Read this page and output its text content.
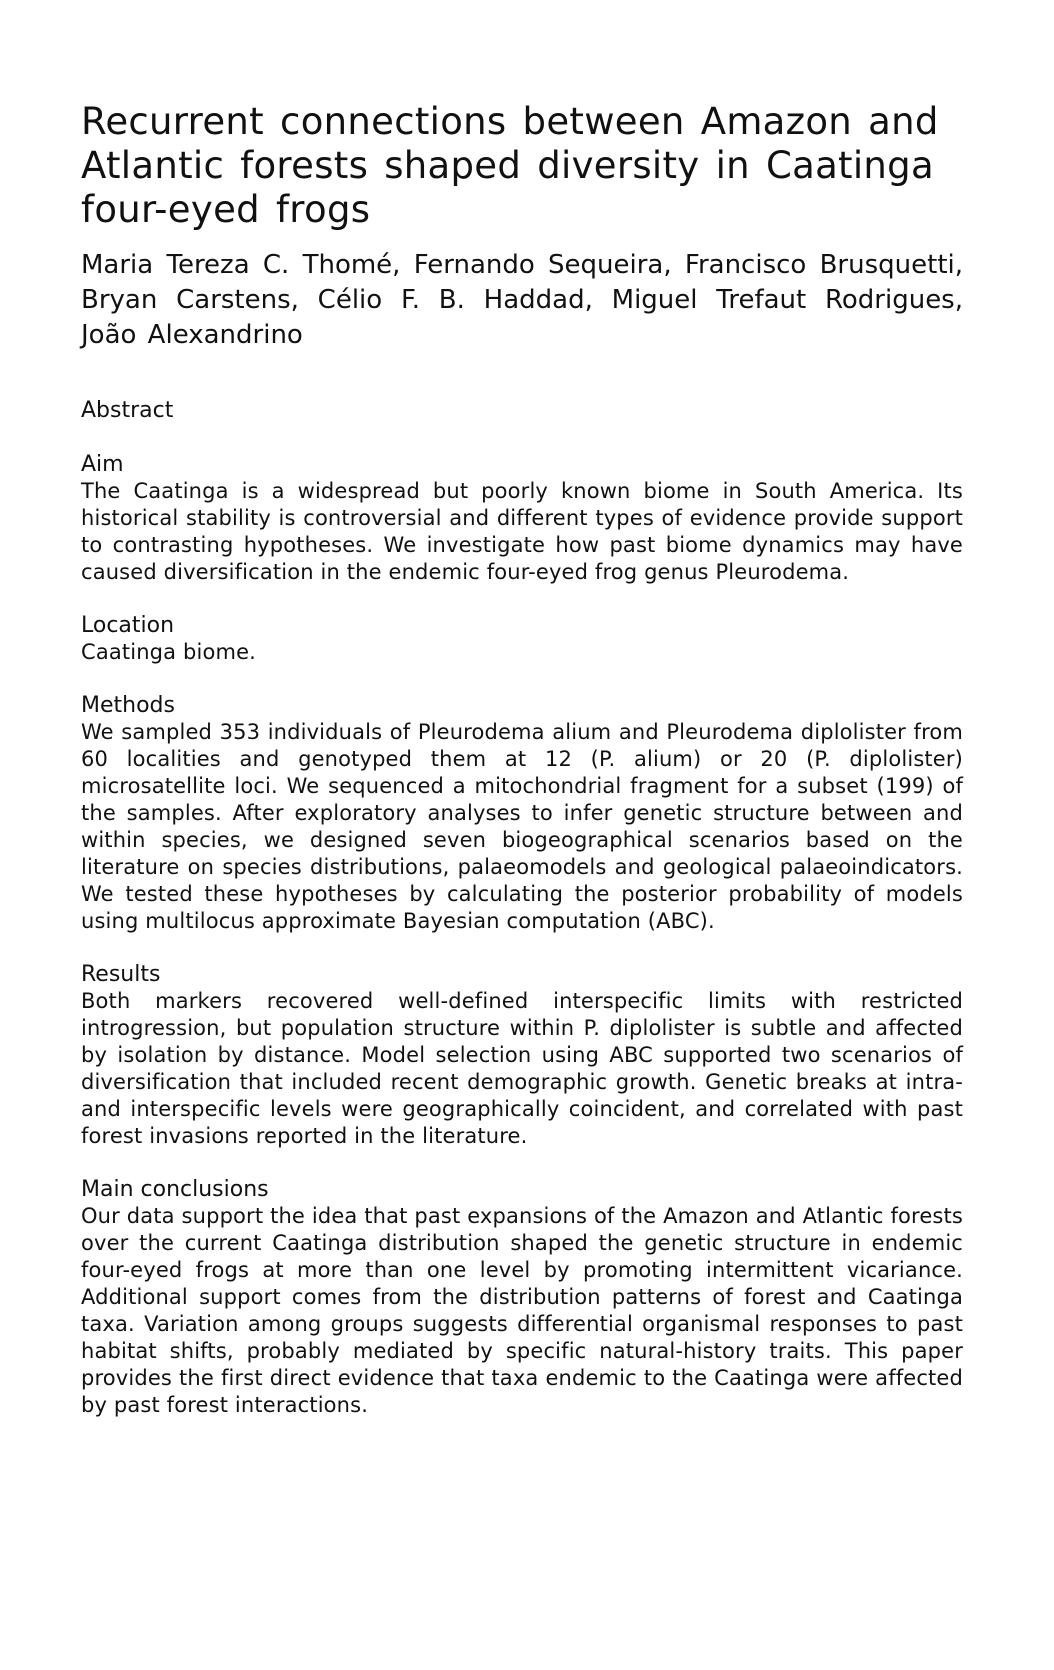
Recurrent connections between Amazon and Atlantic forests shaped diversity in Caatinga four-eyed frogs

Maria Tereza C. Thomé, Fernando Sequeira, Francisco Brusquetti, Bryan Carstens, Célio F. B. Haddad, Miguel Trefaut Rodrigues, João Alexandrino

Abstract
Aim

The Caatinga is a widespread but poorly known biome in South America. Its historical stability is controversial and different types of evidence provide support to contrasting hypotheses. We investigate how past biome dynamics may have caused diversification in the endemic four-eyed frog genus Pleurodema.

Location

Caatinga biome.

Methods

We sampled 353 individuals of Pleurodema alium and Pleurodema diplolister from 60 localities and genotyped them at 12 (P. alium) or 20 (P. diplolister) microsatellite loci. We sequenced a mitochondrial fragment for a subset (199) of the samples. After exploratory analyses to infer genetic structure between and within species, we designed seven biogeographical scenarios based on the literature on species distributions, palaeomodels and geological palaeoindicators. We tested these hypotheses by calculating the posterior probability of models using multilocus approximate Bayesian computation (ABC).

Results

Both markers recovered well-defined interspecific limits with restricted introgression, but population structure within P. diplolister is subtle and affected by isolation by distance. Model selection using ABC supported two scenarios of diversification that included recent demographic growth. Genetic breaks at intra- and interspecific levels were geographically coincident, and correlated with past forest invasions reported in the literature.

Main conclusions

Our data support the idea that past expansions of the Amazon and Atlantic forests over the current Caatinga distribution shaped the genetic structure in endemic four-eyed frogs at more than one level by promoting intermittent vicariance. Additional support comes from the distribution patterns of forest and Caatinga taxa. Variation among groups suggests differential organismal responses to past habitat shifts, probably mediated by specific natural-history traits. This paper provides the first direct evidence that taxa endemic to the Caatinga were affected by past forest interactions.
